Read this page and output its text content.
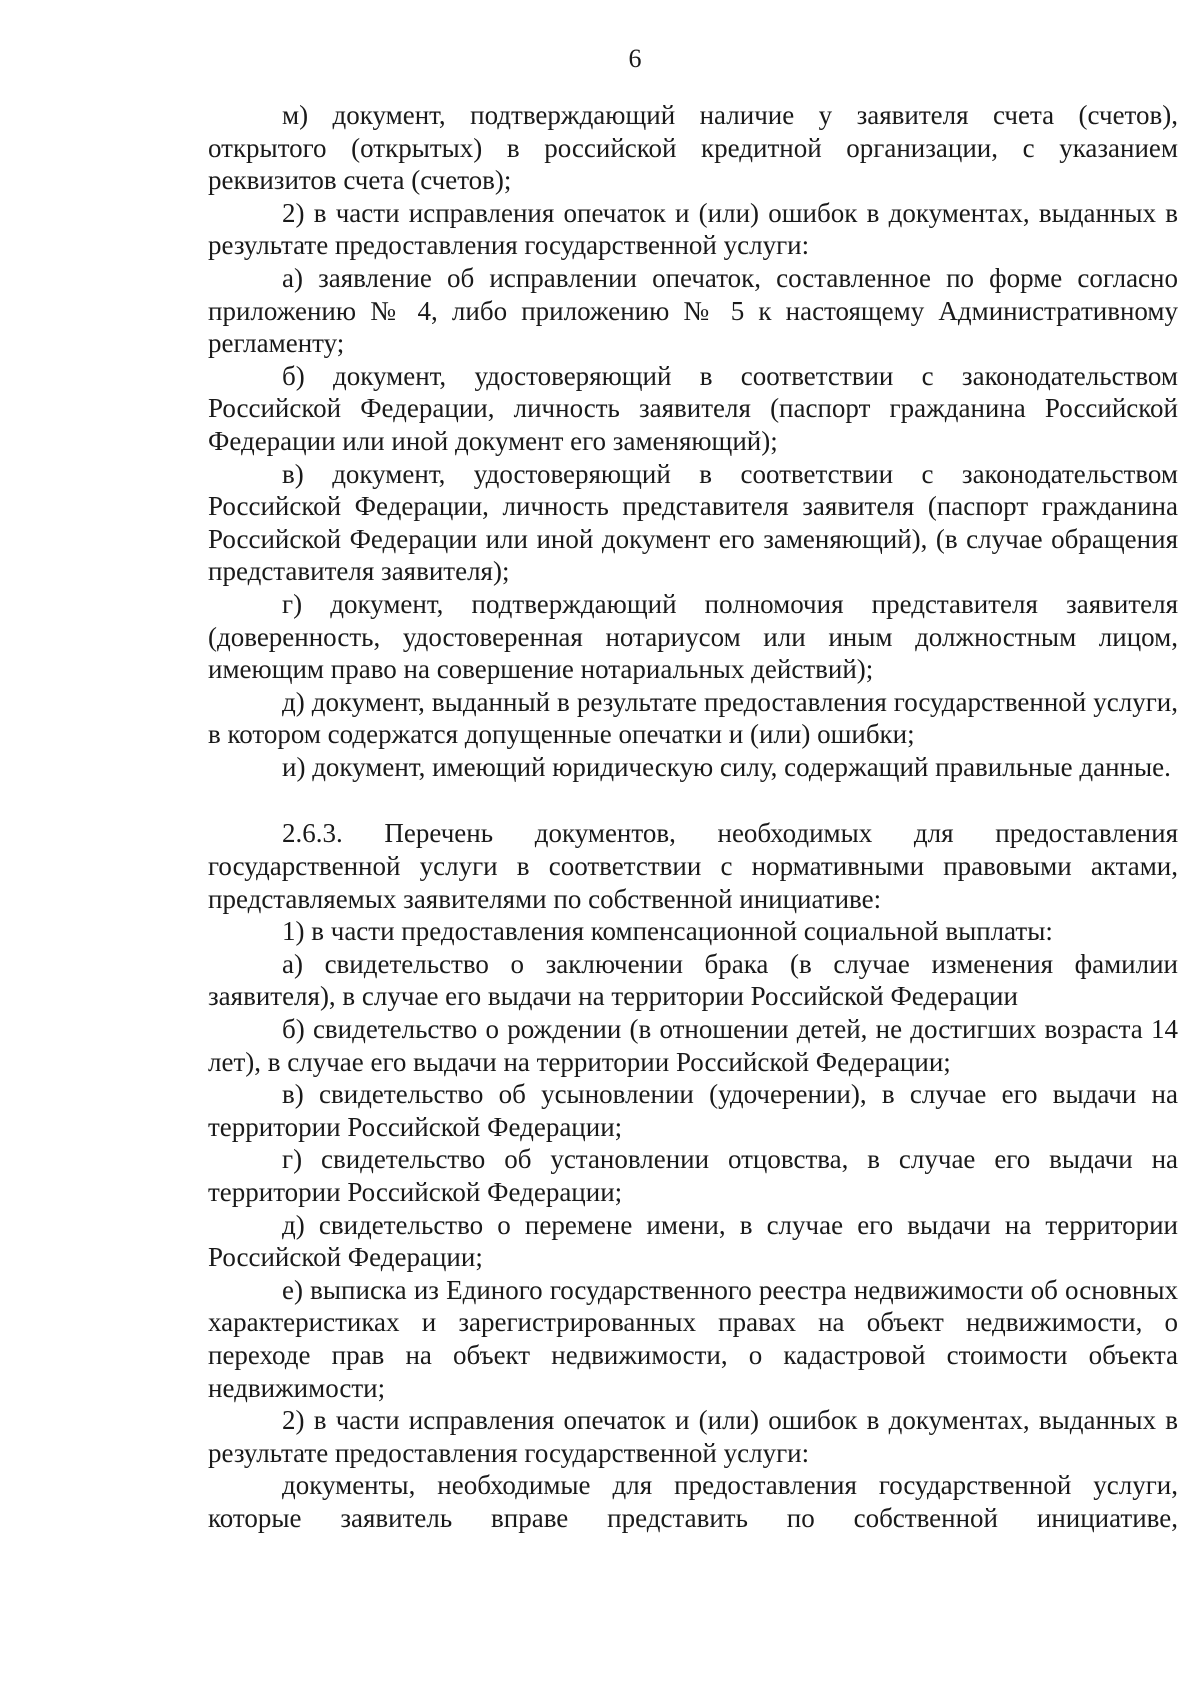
6

м) документ, подтверждающий наличие у заявителя счета (счетов), открытого (открытых) в российской кредитной организации, с указанием реквизитов счета (счетов);

2) в части исправления опечаток и (или) ошибок в документах, выданных в результате предоставления государственной услуги:

а) заявление об исправлении опечаток, составленное по форме согласно приложению № 4, либо приложению № 5 к настоящему Административному регламенту;

б) документ, удостоверяющий в соответствии с законодательством Российской Федерации, личность заявителя (паспорт гражданина Российской Федерации или иной документ его заменяющий);

в) документ, удостоверяющий в соответствии с законодательством Российской Федерации, личность представителя заявителя (паспорт гражданина Российской Федерации или иной документ его заменяющий), (в случае обращения представителя заявителя);

г) документ, подтверждающий полномочия представителя заявителя (доверенность, удостоверенная нотариусом или иным должностным лицом, имеющим право на совершение нотариальных действий);

д) документ, выданный в результате предоставления государственной услуги, в котором содержатся допущенные опечатки и (или) ошибки;

и) документ, имеющий юридическую силу, содержащий правильные данные.

2.6.3. Перечень документов, необходимых для предоставления государственной услуги в соответствии с нормативными правовыми актами, представляемых заявителями по собственной инициативе:

1) в части предоставления компенсационной социальной выплаты:

а) свидетельство о заключении брака (в случае изменения фамилии заявителя), в случае его выдачи на территории Российской Федерации

б) свидетельство о рождении (в отношении детей, не достигших возраста 14 лет), в случае его выдачи на территории Российской Федерации;

в) свидетельство об усыновлении (удочерении), в случае его выдачи на территории Российской Федерации;

г) свидетельство об установлении отцовства, в случае его выдачи на территории Российской Федерации;

д) свидетельство о перемене имени, в случае его выдачи на территории Российской Федерации;

е) выписка из Единого государственного реестра недвижимости об основных характеристиках и зарегистрированных правах на объект недвижимости, о переходе прав на объект недвижимости, о кадастровой стоимости объекта недвижимости;

2) в части исправления опечаток и (или) ошибок в документах, выданных в результате предоставления государственной услуги:

документы, необходимые для предоставления государственной услуги, которые заявитель вправе представить по собственной инициативе,
